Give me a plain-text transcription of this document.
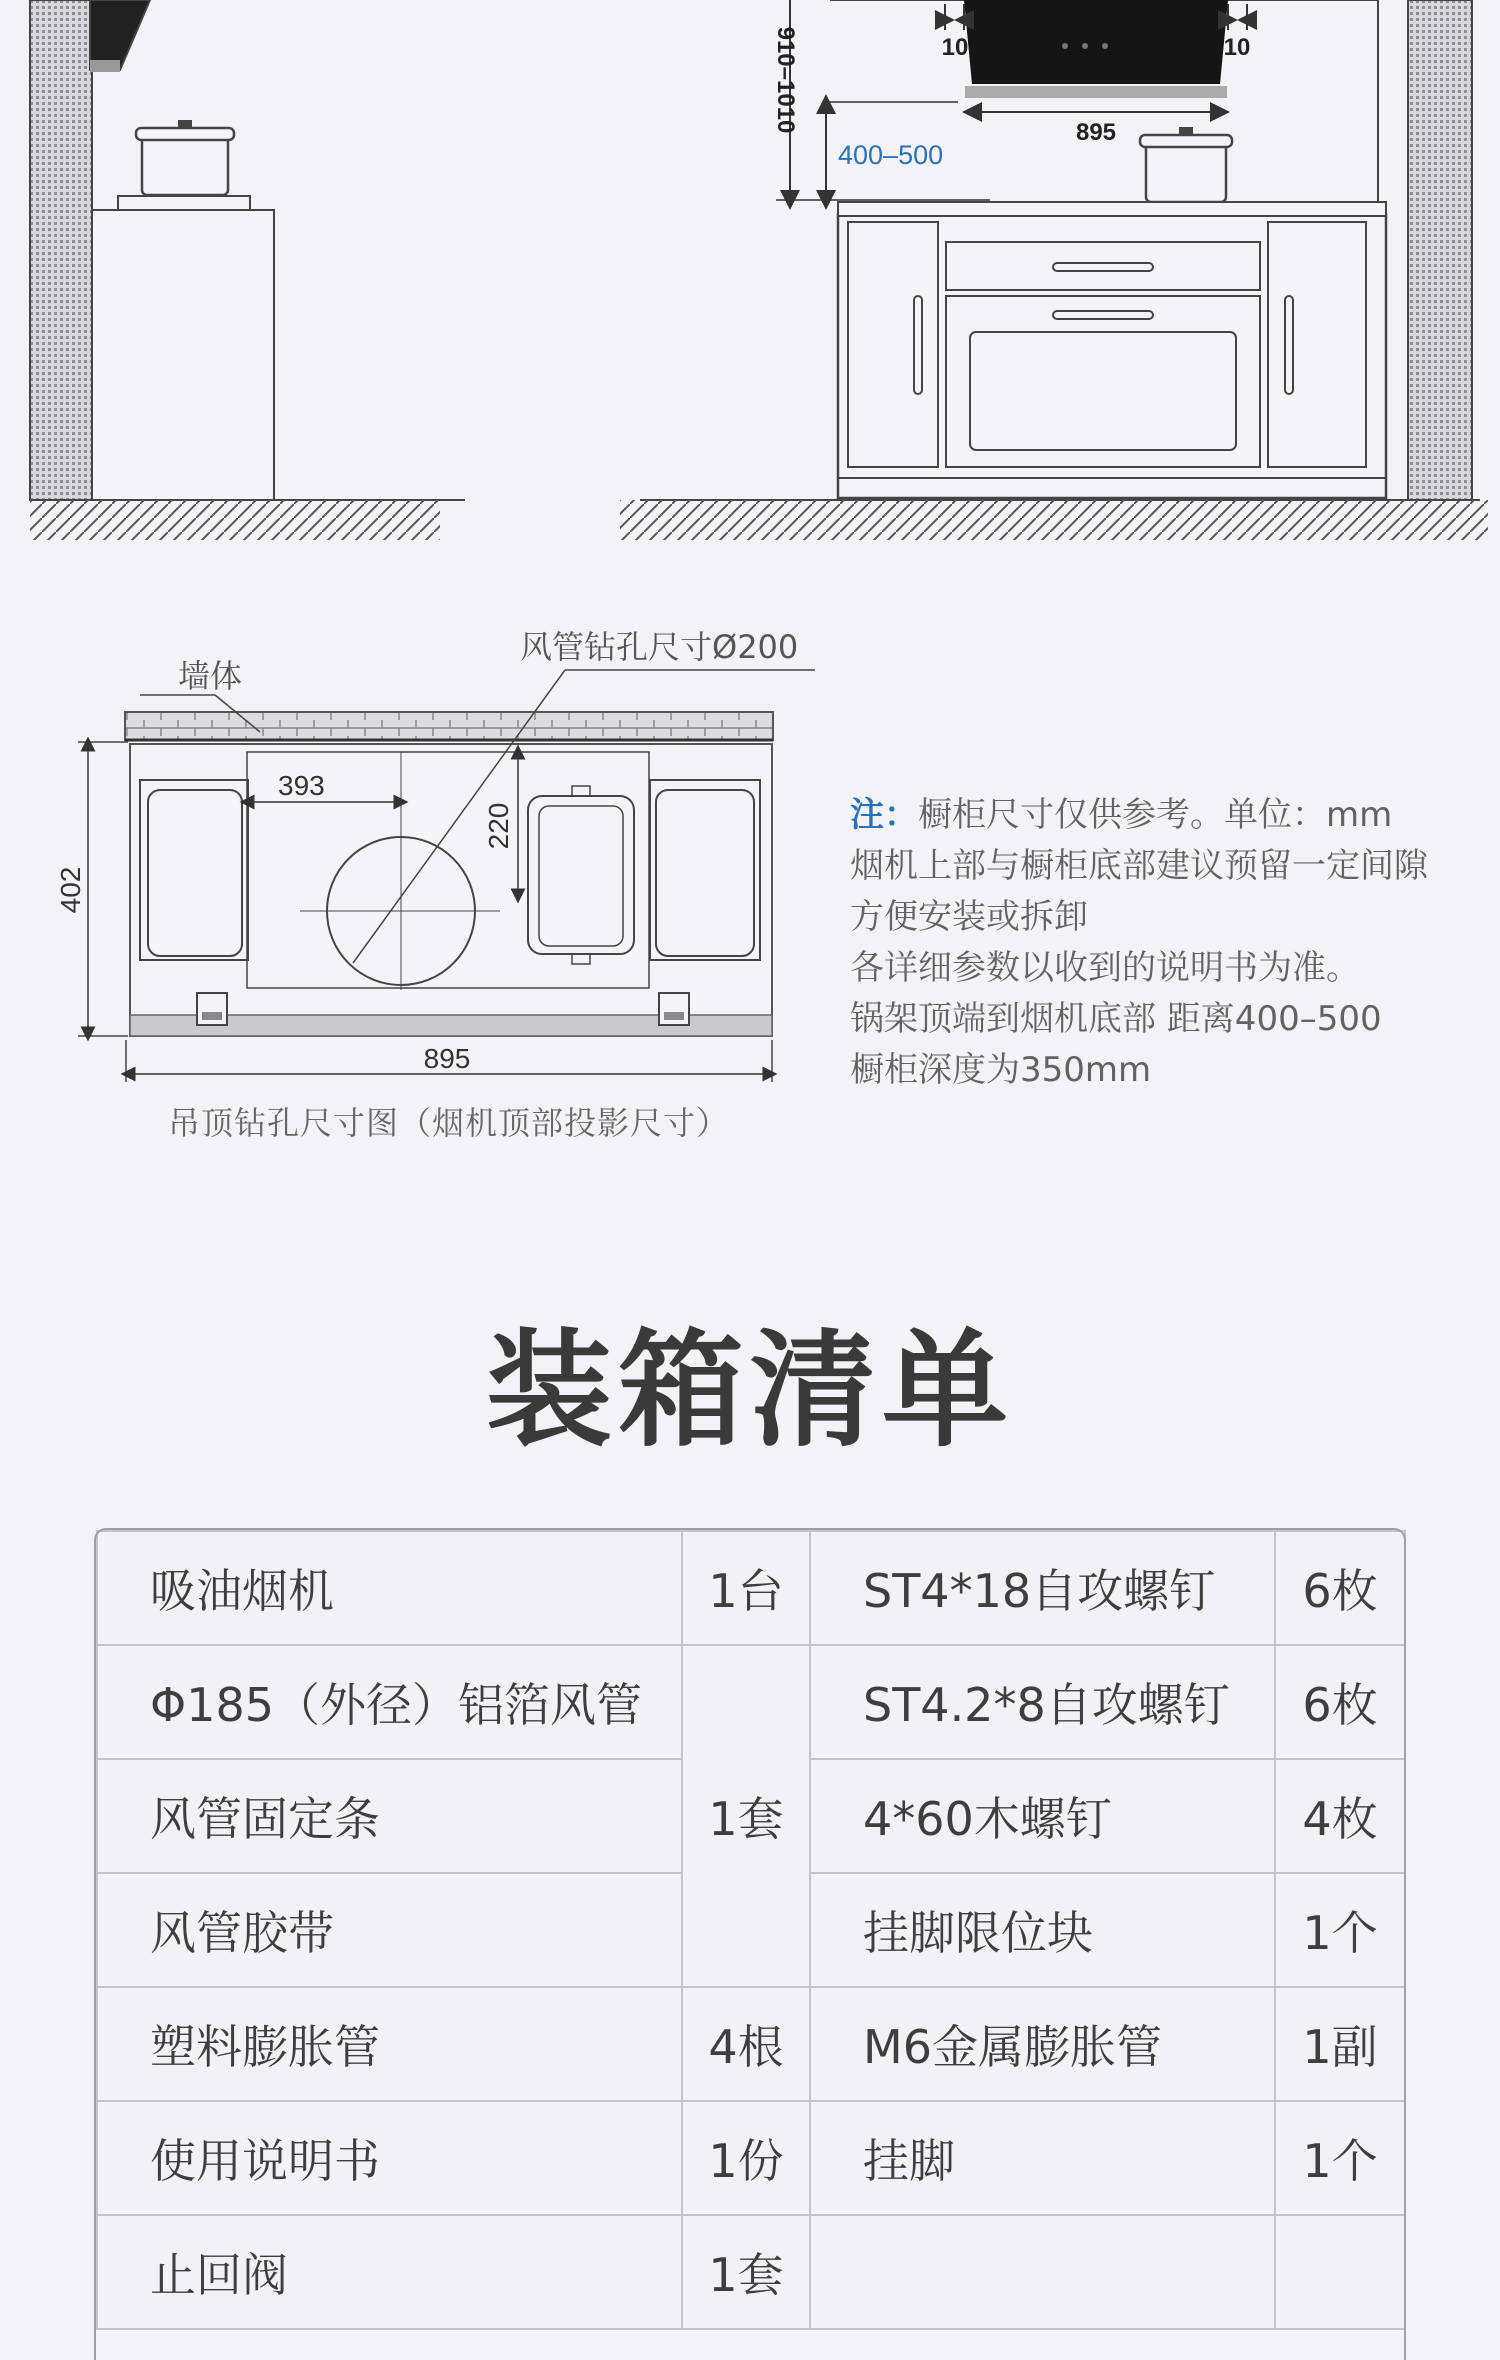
10	10
895
910–1010
400–500
风管钻孔尺寸Ø200
墙体
393
220
402
895
吊顶钻孔尺寸图（烟机顶部投影尺寸）
注：橱柜尺寸仅供参考。单位：mm
烟机上部与橱柜底部建议预留一定间隙
方便安装或拆卸
各详细参数以收到的说明书为准。
锅架顶端到烟机底部 距离400–500
橱柜深度为350mm
装箱清单
吸油烟机	1台	ST4*18自攻螺钉	6枚
Φ185（外径）铝箔风管	1套	ST4.2*8自攻螺钉	6枚
风管固定条		4*60木螺钉	4枚
风管胶带		挂脚限位块	1个
塑料膨胀管	4根	M6金属膨胀管	1副
使用说明书	1份	挂脚	1个
止回阀	1套		
